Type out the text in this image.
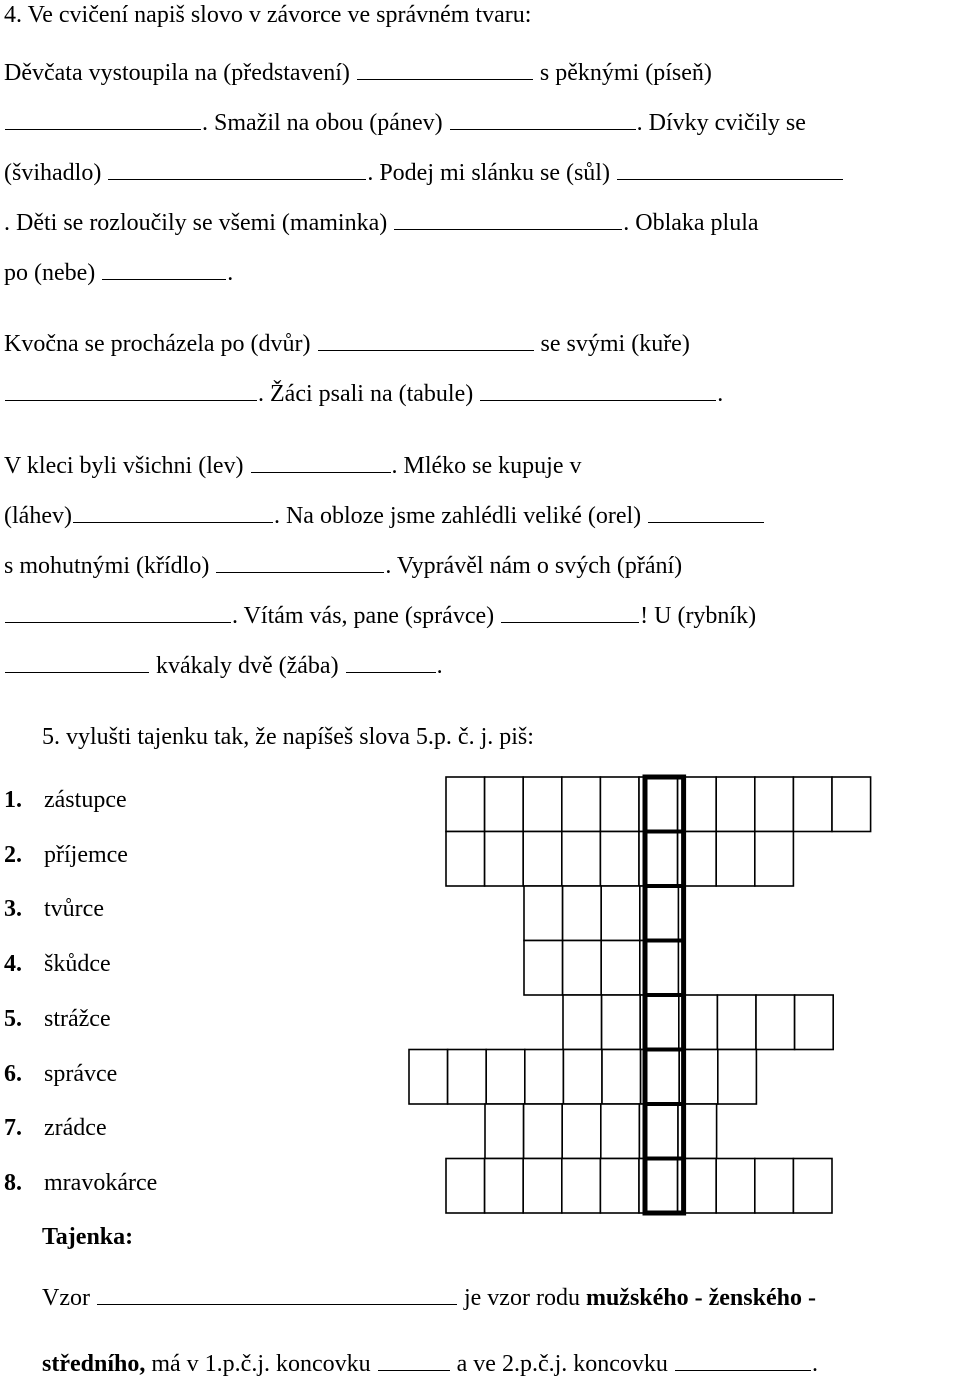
4. Ve cvičení napiš slovo v závorce ve správném tvaru:
Děvčata vystoupila na (představení)	s pěknými (píseň)
. Smažil na obou (pánev)	. Dívky cvičily se
(švihadlo)	. Podej mi slánku se (sůl)
. Děti se rozloučily se všemi (maminka)	. Oblaka plula
po (nebe)	.
Kvočna se procházela po (dvůr)	se svými (kuře)
. Žáci psali na (tabule)	.
V kleci byli všichni (lev)	. Mléko se kupuje v
(láhev)	. Na obloze jsme zahlédli veliké (orel)
s mohutnými (křídlo)	. Vyprávěl nám o svých (přání)
. Vítám vás, pane (správce)	! U (rybník)
kvákaly dvě (žába)	.
5. vylušti tajenku tak, že napíšeš slova 5.p. č. j. piš:
1. zástupce
2. příjemce
3. tvůrce
4. škůdce
5. strážce
6. správce
7. zrádce
8. mravokárce
Tajenka:
Vzor	je vzor rodu mužského - ženského -
středního, má v 1.p.č.j. koncovku	a ve 2.p.č.j. koncovku	.
